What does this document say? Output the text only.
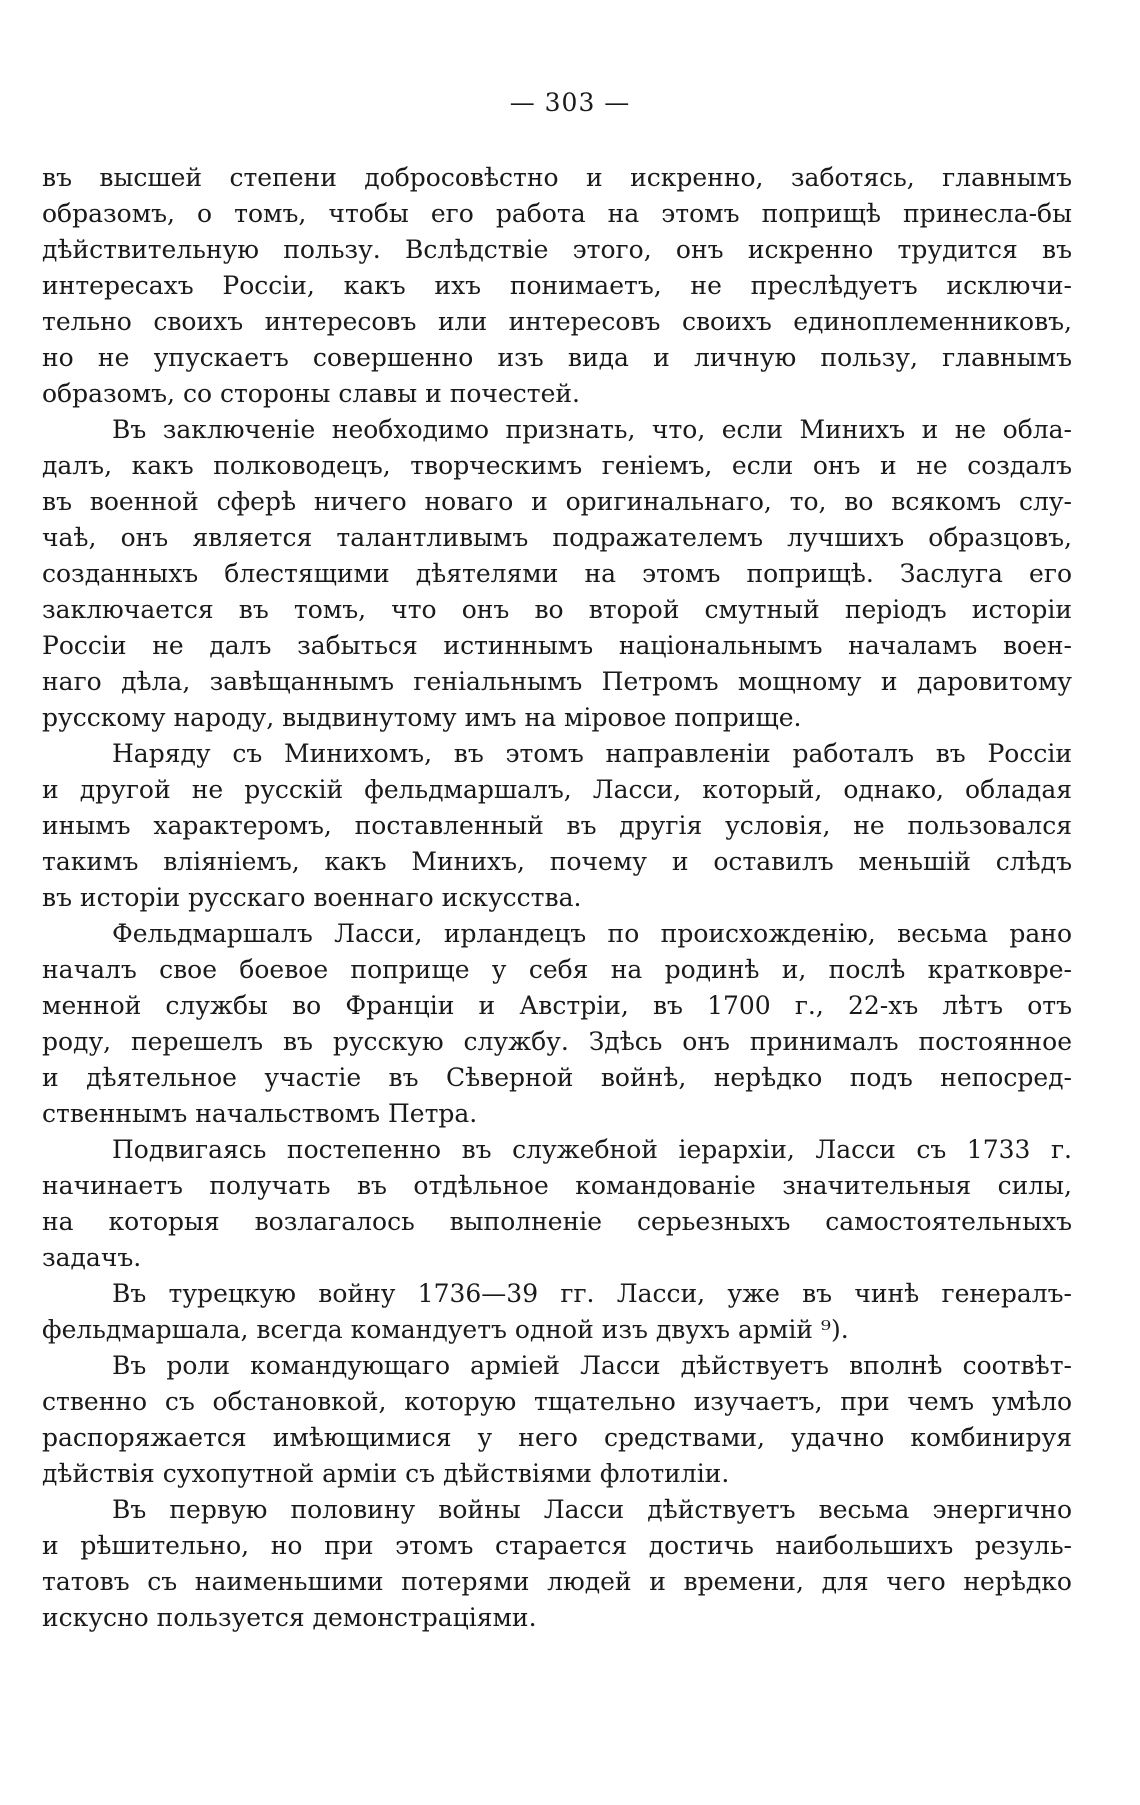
— 303 —

въ высшей степени добросовѣстно и искренно, заботясь, главнымъ
образомъ, о томъ, чтобы его работа на этомъ поприщѣ принесла-бы
дѣйствительную пользу. Вслѣдствіе этого, онъ искренно трудится въ
интересахъ Россіи, какъ ихъ понимаетъ, не преслѣдуетъ исключи-
тельно своихъ интересовъ или интересовъ своихъ единоплеменниковъ,
но не упускаетъ совершенно изъ вида и личную пользу, главнымъ
образомъ, со стороны славы и почестей.

Въ заключеніе необходимо признать, что, если Минихъ и не обла-
далъ, какъ полководецъ, творческимъ геніемъ, если онъ и не создалъ
въ военной сферѣ ничего новаго и оригинальнаго, то, во всякомъ слу-
чаѣ, онъ является талантливымъ подражателемъ лучшихъ образцовъ,
созданныхъ блестящими дѣятелями на этомъ поприщѣ. Заслуга его
заключается въ томъ, что онъ во второй смутный періодъ исторіи
Россіи не далъ забыться истиннымъ національнымъ началамъ воен-
наго дѣла, завѣщаннымъ геніальнымъ Петромъ мощному и даровитому
русскому народу, выдвинутому имъ на міровое поприще.

Наряду съ Минихомъ, въ этомъ направленіи работалъ въ Россіи
и другой не русскій фельдмаршалъ, Ласси, который, однако, обладая
инымъ характеромъ, поставленный въ другія условія, не пользовался
такимъ вліяніемъ, какъ Минихъ, почему и оставилъ меньшій слѣдъ
въ исторіи русскаго военнаго искусства.

Фельдмаршалъ Ласси, ирландецъ по происхожденію, весьма рано
началъ свое боевое поприще у себя на родинѣ и, послѣ кратковре-
менной службы во Франціи и Австріи, въ 1700 г., 22-хъ лѣтъ отъ
роду, перешелъ въ русскую службу. Здѣсь онъ принималъ постоянное
и дѣятельное участіе въ Сѣверной войнѣ, нерѣдко подъ непосред-
ственнымъ начальствомъ Петра.

Подвигаясь постепенно въ служебной іерархіи, Ласси съ 1733 г.
начинаетъ получать въ отдѣльное командованіе значительныя силы,
на которыя возлагалось выполненіе серьезныхъ самостоятельныхъ
задачъ.

Въ турецкую войну 1736—39 гг. Ласси, уже въ чинѣ генералъ-
фельдмаршала, всегда командуетъ одной изъ двухъ армій ⁹).

Въ роли командующаго арміей Ласси дѣйствуетъ вполнѣ соотвѣт-
ственно съ обстановкой, которую тщательно изучаетъ, при чемъ умѣло
распоряжается имѣющимися у него средствами, удачно комбинируя
дѣйствія сухопутной арміи съ дѣйствіями флотиліи.

Въ первую половину войны Ласси дѣйствуетъ весьма энергично
и рѣшительно, но при этомъ старается достичь наибольшихъ резуль-
татовъ съ наименьшими потерями людей и времени, для чего нерѣдко
искусно пользуется демонстраціями.
